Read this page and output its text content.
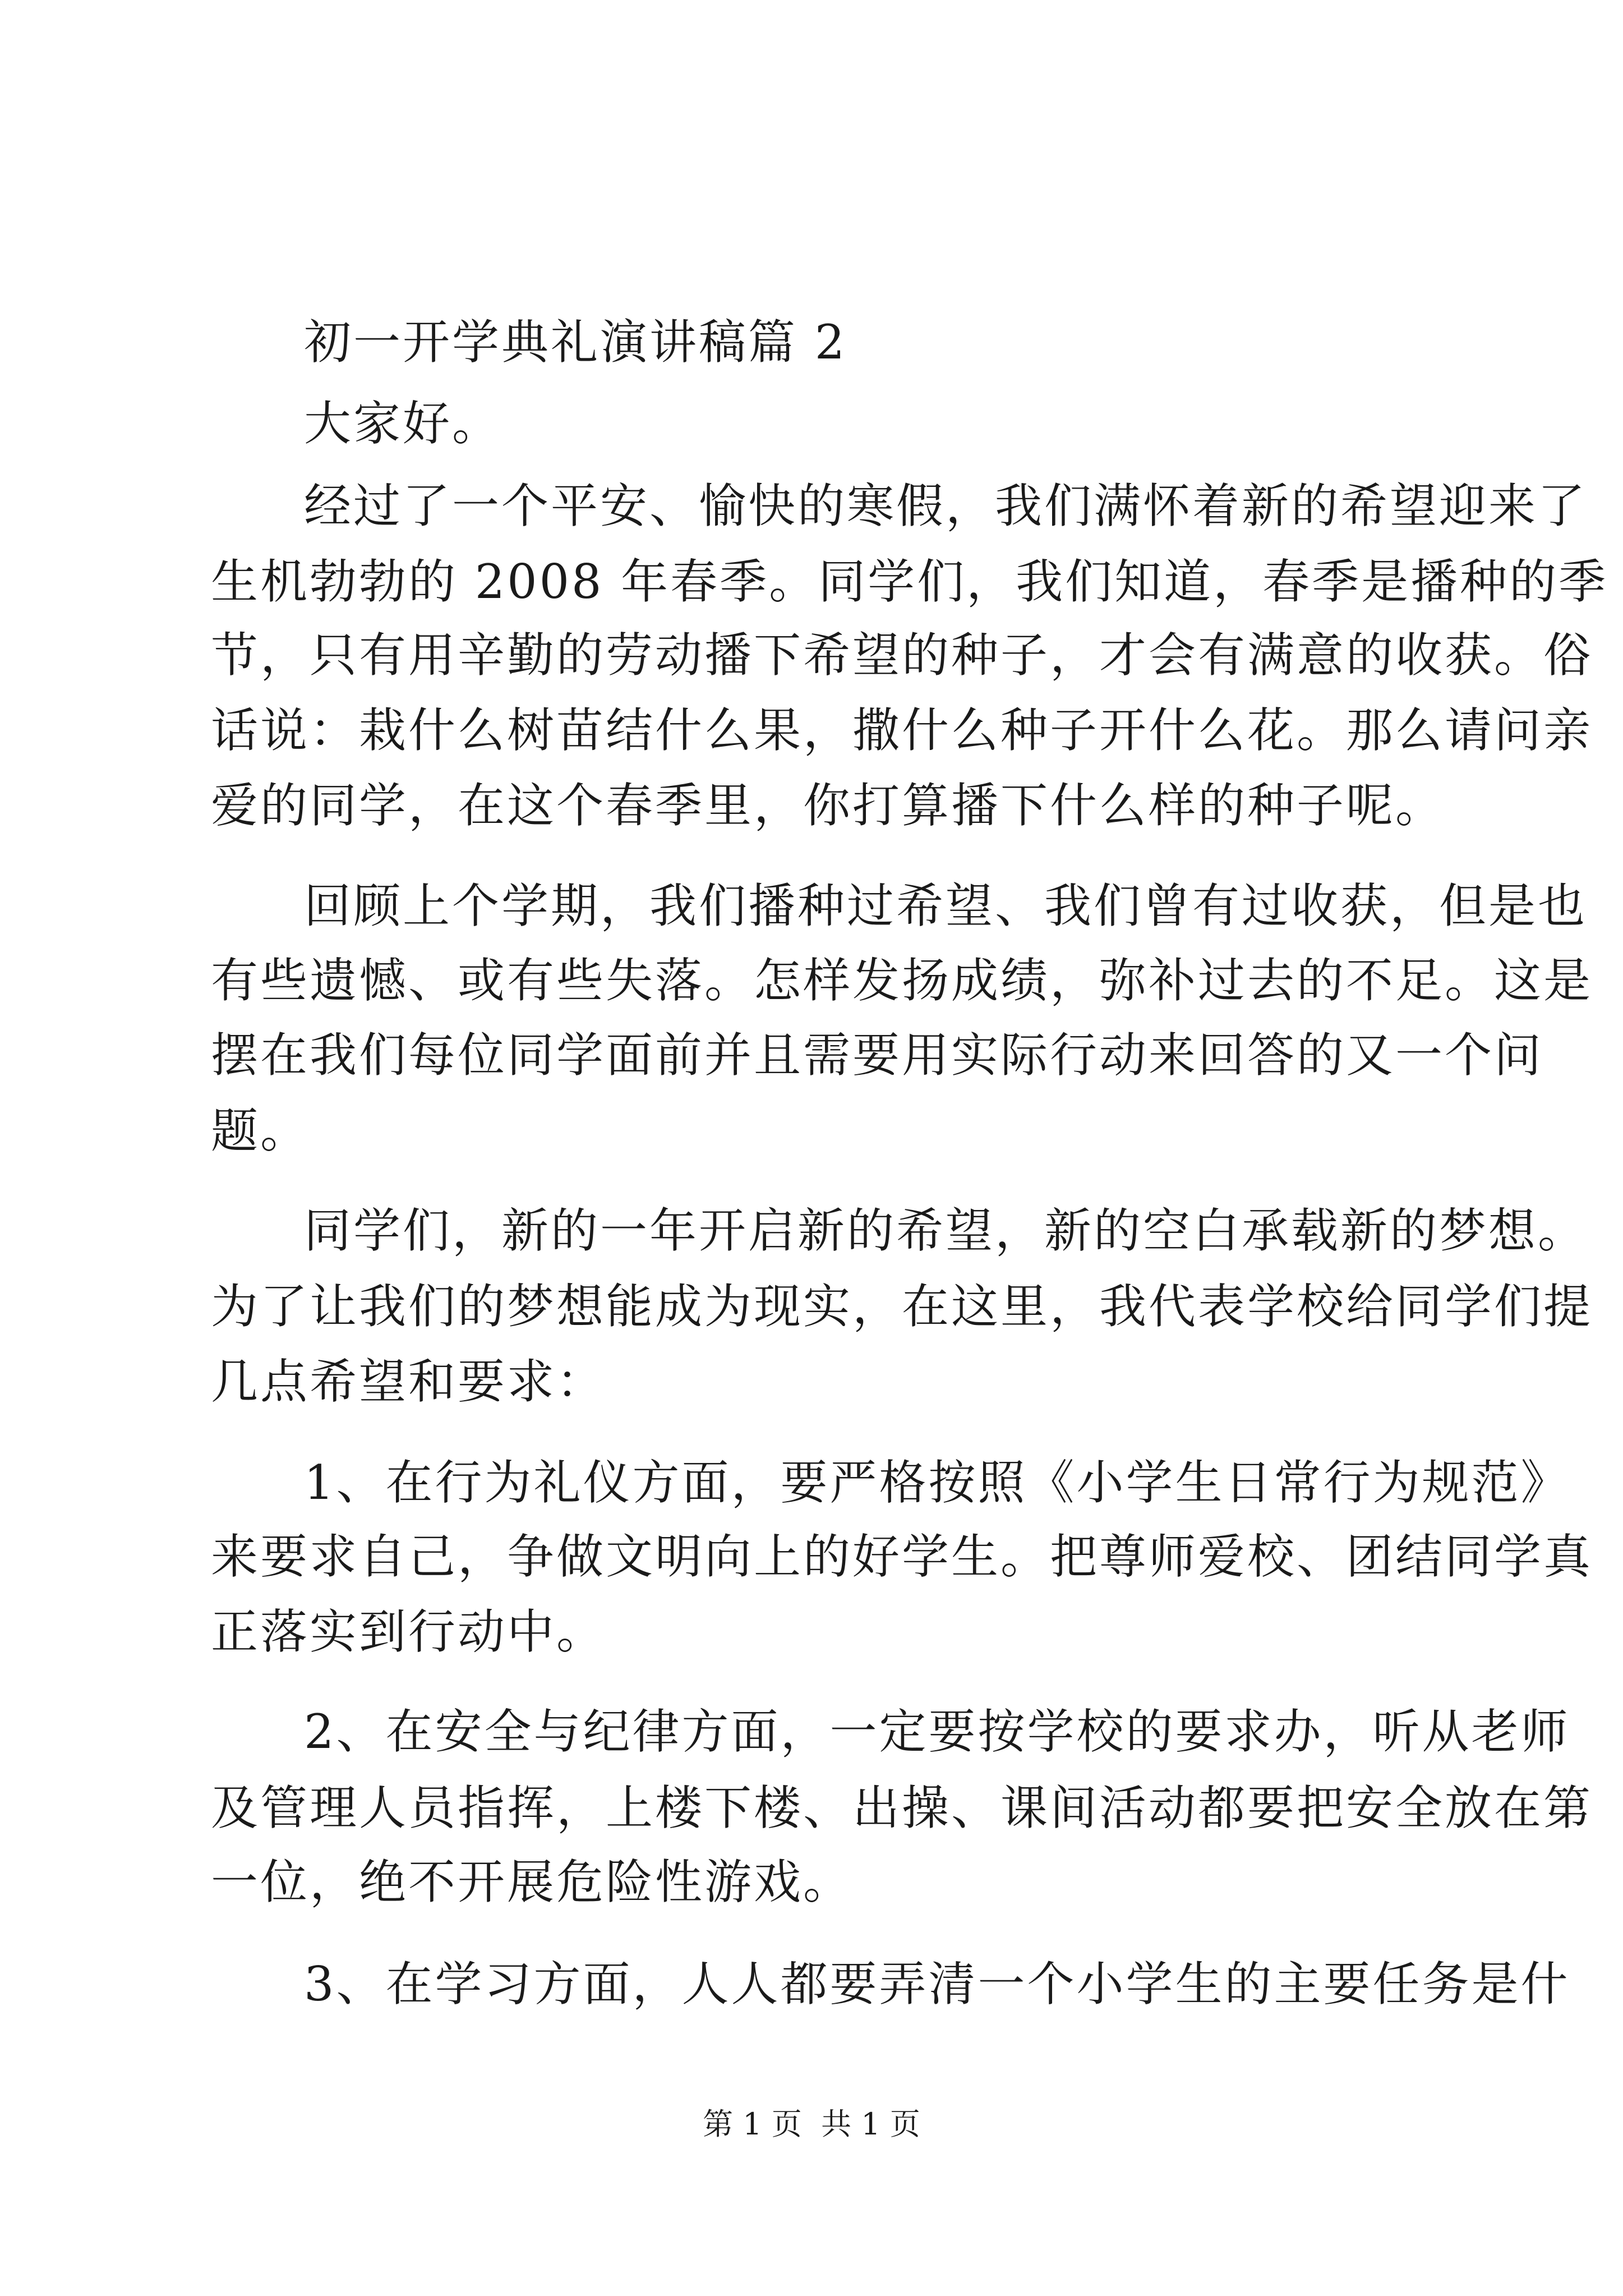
初一开学典礼演讲稿篇 2
大家好。
经过了一个平安、愉快的寒假，我们满怀着新的希望迎来了
生机勃勃的 2008 年春季。同学们，我们知道，春季是播种的季
节，只有用辛勤的劳动播下希望的种子，才会有满意的收获。俗
话说：栽什么树苗结什么果，撒什么种子开什么花。那么请问亲
爱的同学，在这个春季里，你打算播下什么样的种子呢。
回顾上个学期，我们播种过希望、我们曾有过收获，但是也
有些遗憾、或有些失落。怎样发扬成绩，弥补过去的不足。这是
摆在我们每位同学面前并且需要用实际行动来回答的又一个问
题。
同学们，新的一年开启新的希望，新的空白承载新的梦想。
为了让我们的梦想能成为现实，在这里，我代表学校给同学们提
几点希望和要求：
1、在行为礼仪方面，要严格按照《小学生日常行为规范》
来要求自己，争做文明向上的好学生。把尊师爱校、团结同学真
正落实到行动中。
2、在安全与纪律方面，一定要按学校的要求办，听从老师
及管理人员指挥，上楼下楼、出操、课间活动都要把安全放在第
一位，绝不开展危险性游戏。
3、在学习方面，人人都要弄清一个小学生的主要任务是什
第 1 页  共 1 页
